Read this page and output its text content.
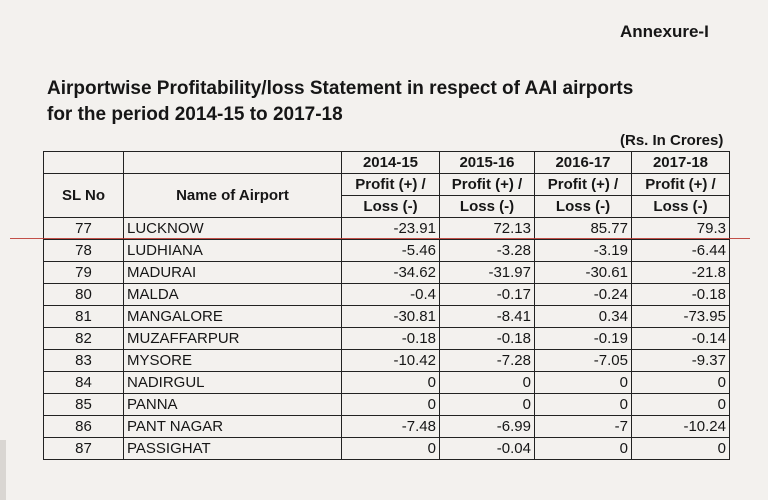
Annexure-I
Airportwise Profitability/loss Statement in respect of AAI airports
for the period 2014-15 to 2017-18
(Rs. In Crores)
		2014-15	2015-16	2016-17	2017-18
SL No	Name of Airport	Profit (+) /	Profit (+) /	Profit (+) /	Profit (+) /
		Loss (-)	Loss (-)	Loss (-)	Loss (-)
77	LUCKNOW	-23.91	72.13	85.77	79.3
78	LUDHIANA	-5.46	-3.28	-3.19	-6.44
79	MADURAI	-34.62	-31.97	-30.61	-21.8
80	MALDA	-0.4	-0.17	-0.24	-0.18
81	MANGALORE	-30.81	-8.41	0.34	-73.95
82	MUZAFFARPUR	-0.18	-0.18	-0.19	-0.14
83	MYSORE	-10.42	-7.28	-7.05	-9.37
84	NADIRGUL	0	0	0	0
85	PANNA	0	0	0	0
86	PANT NAGAR	-7.48	-6.99	-7	-10.24
87	PASSIGHAT	0	-0.04	0	0
